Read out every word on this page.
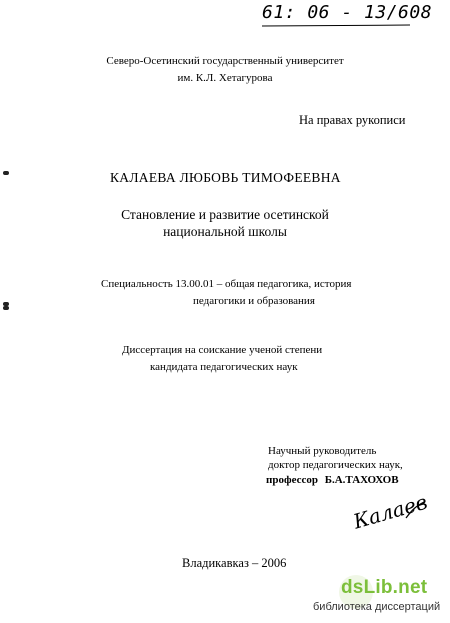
61: 06 - 13/608
Северо-Осетинский государственный университет
им. К.Л. Хетагурова
На правах рукописи
КАЛАЕВА ЛЮБОВЬ ТИМОФЕЕВНА
Становление и развитие осетинской
национальной школы
Специальность 13.00.01 – общая педагогика, история
педагогики и образования
Диссертация на соискание ученой степени
кандидата педагогических наук
Научный руководитель
доктор педагогических наук,
профессор Б.А.ТАХОХОВ
Калаев
Владикавказ – 2006
dsLib.net
библиотека диссертаций
